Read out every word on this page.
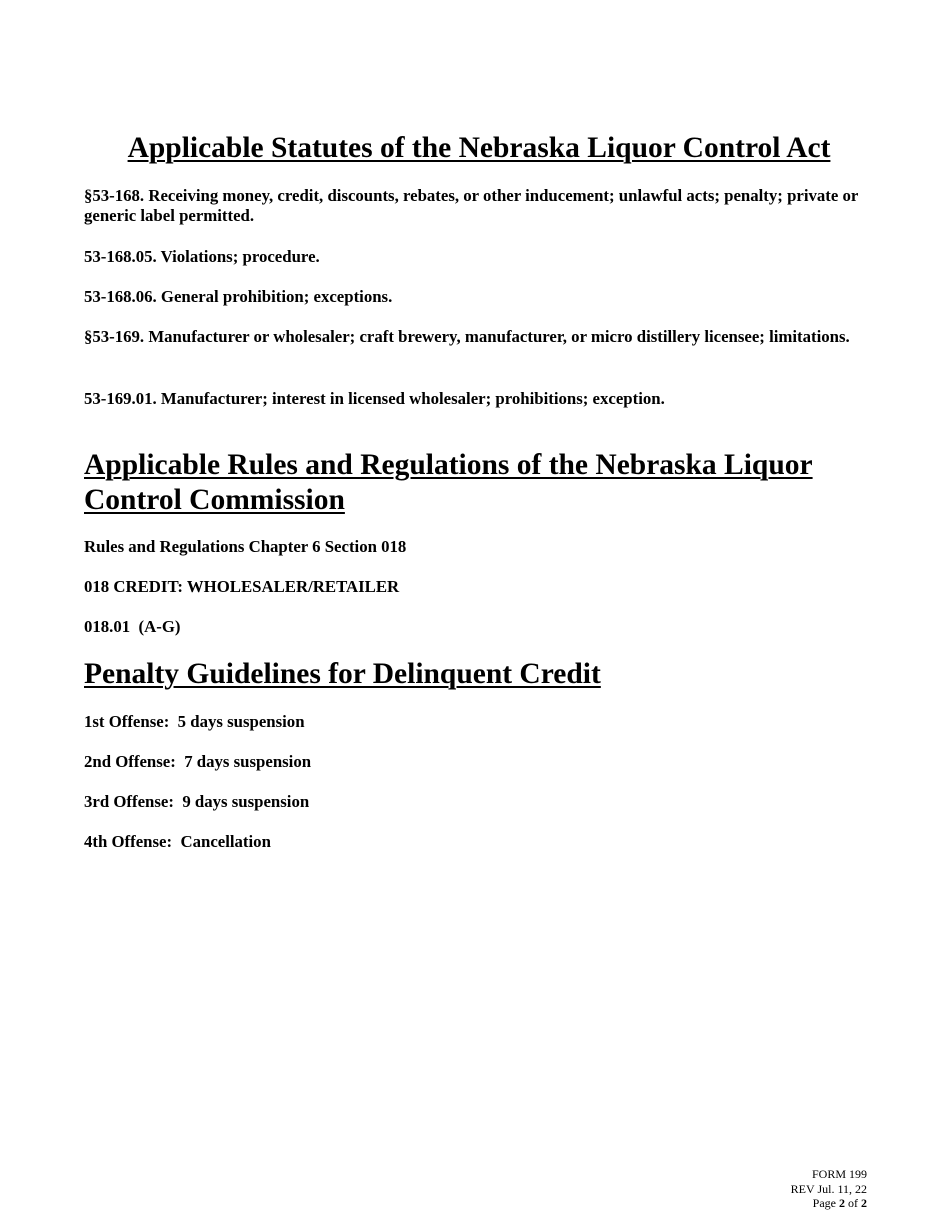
Applicable Statutes of the Nebraska Liquor Control Act

§53-168. Receiving money, credit, discounts, rebates, or other inducement; unlawful acts; penalty; private or generic label permitted.

53-168.05. Violations; procedure.

53-168.06. General prohibition; exceptions.

§53-169. Manufacturer or wholesaler; craft brewery, manufacturer, or micro distillery licensee; limitations.

53-169.01. Manufacturer; interest in licensed wholesaler; prohibitions; exception.

Applicable Rules and Regulations of the Nebraska Liquor Control Commission

Rules and Regulations Chapter 6 Section 018

018 CREDIT: WHOLESALER/RETAILER

018.01  (A-G)

Penalty Guidelines for Delinquent Credit

1st Offense:  5 days suspension

2nd Offense:  7 days suspension

3rd Offense:  9 days suspension

4th Offense:  Cancellation

FORM 199
REV Jul. 11, 22
Page 2 of 2
